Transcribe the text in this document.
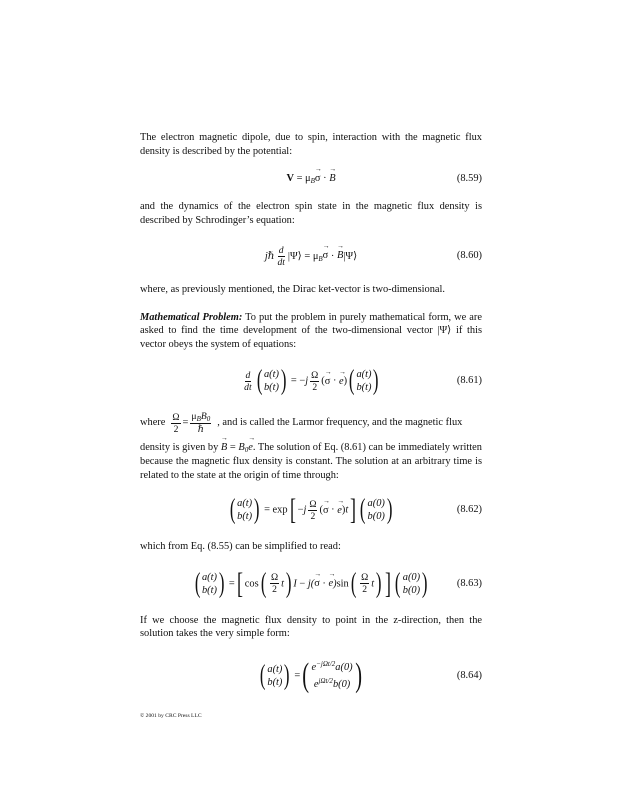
The electron magnetic dipole, due to spin, interaction with the magnetic flux density is described by the potential:

$V = \mu_B\to \sigma$ · → B	(8.59)

and the dynamics of the electron spin state in the magnetic flux density is described by Schrodinger’s equation:

jℏ $\frac{d}{dt}$ |Ψ⟩ = $\mu_B\to \sigma$ · → B|Ψ⟩	(8.60)

where, as previously mentioned, the Dirac ket-vector is two-dimensional.

Mathematical Problem: To put the problem in purely mathematical form, we are asked to find the time development of the two-dimensional vector |Ψ⟩ if this vector obeys the system of equations:

$\frac{d}{dt}$ ( a(t)
b(t) ) = $-j \frac{\Omega}{2}$ (→ σ · → e)( a(t)
b(t) )	(8.61)

where $\frac{\Omega}{2} = \frac{\mu_BB_0}{\text{ℏ}}$ , and is called the Larmor frequency, and the magnetic flux

density is given by → $B = B_0\to e$. The solution of Eq. (8.61) can be immediately written because the magnetic flux density is constant. The solution at an arbitrary time is related to the state at the origin of time through:

( a(t)
b(t) ) = $\exp[ -j \frac{\Omega}{2}$ (→ σ · → e)t] ( a(0)
b(0) )	(8.62)

which from Eq. (8.55) can be simplified to read:

( a(t)
b(t) ) =[ $\cos( \frac{\Omega}{2} t)$ I − j(→ σ · → $e)\sin( \frac{\Omega}{2} t)$ ] ( a(0)
b(0) )	(8.63)

If we choose the magnetic flux density to point in the z-direction, then the solution takes the very simple form:

( a(t)
b(t) ) =( $e^{-j\Omega t/2}a(0)$
$e^{j\Omega t/2}b(0)$ )	(8.64)
© 2001 by CRC Press LLC
